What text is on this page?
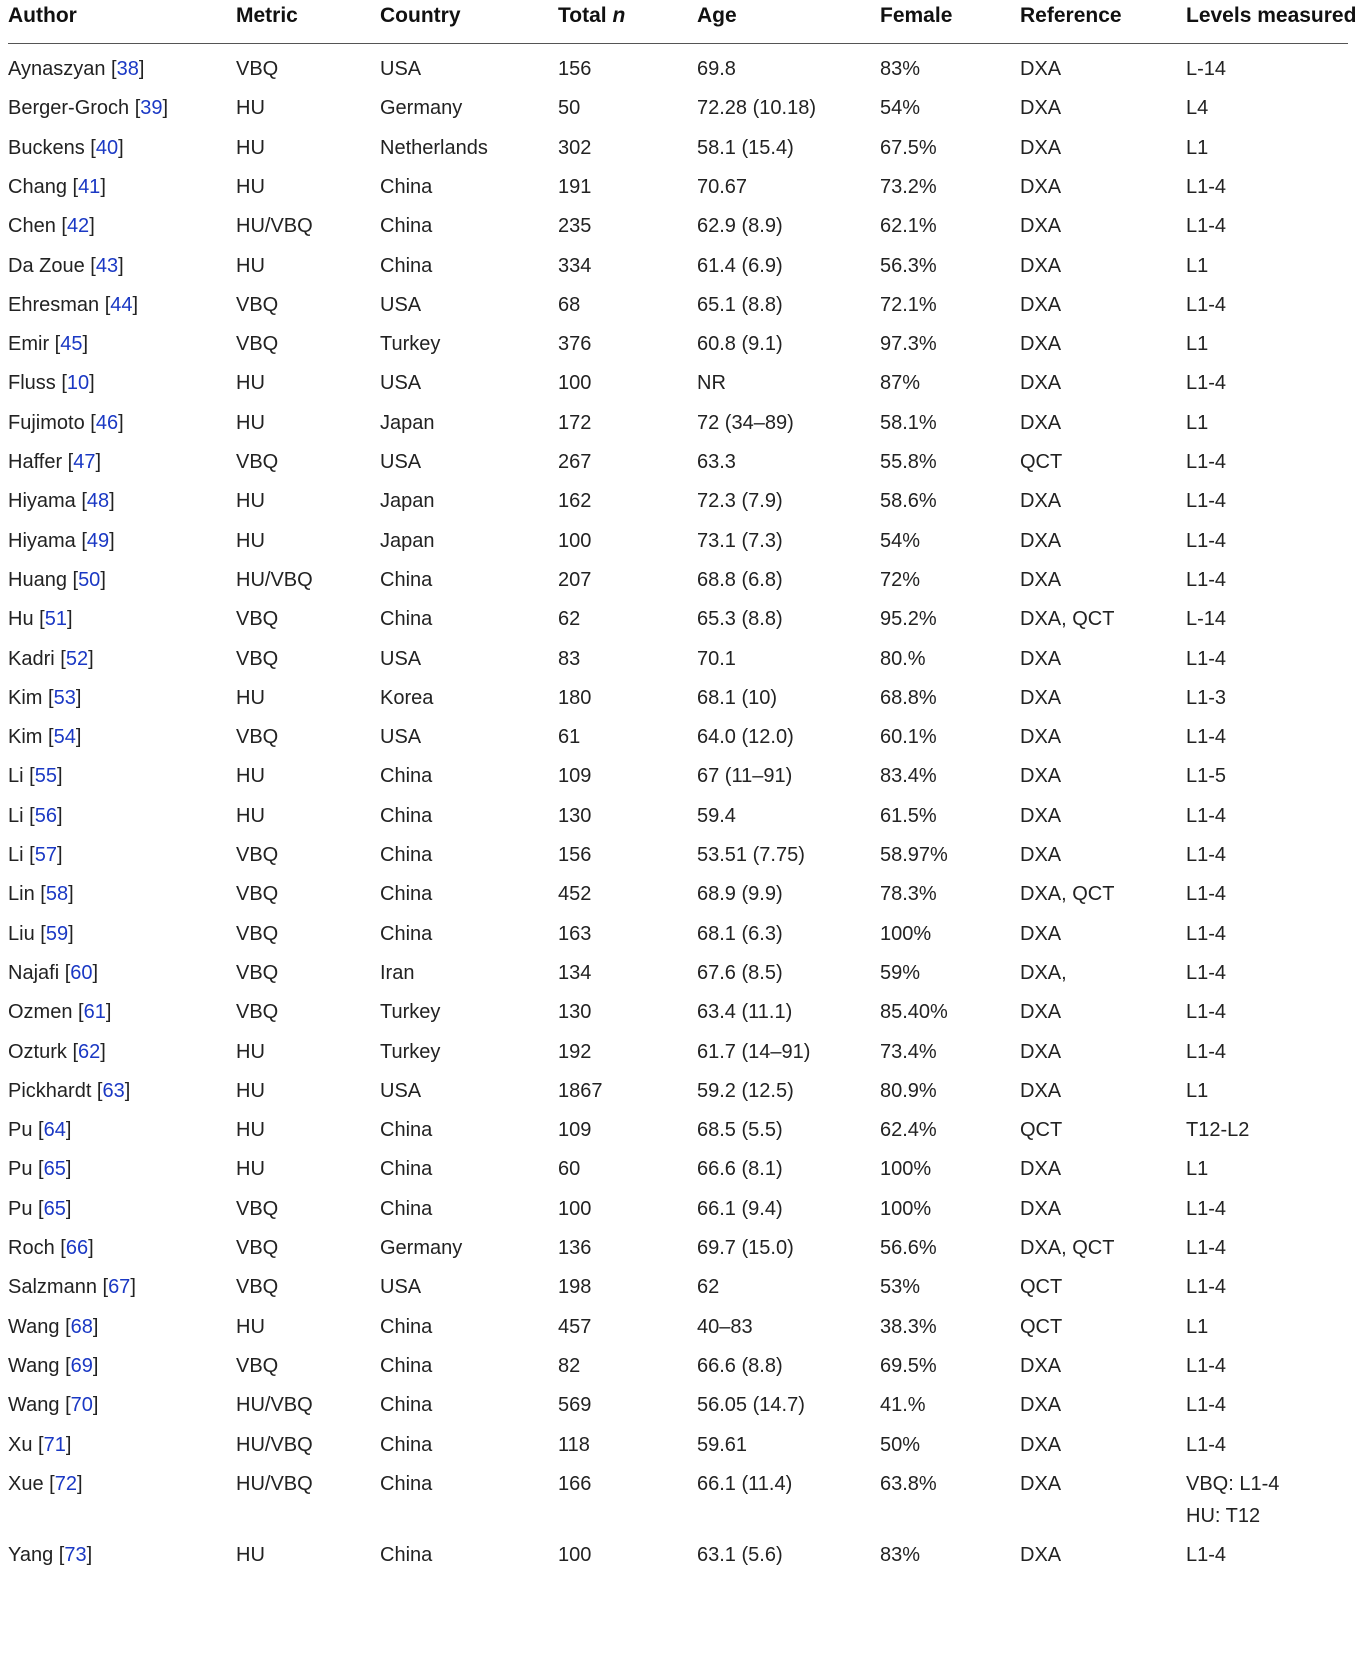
Author	Metric	Country	Total n	Age	Female	Reference	Levels measured
Aynaszyan [38]	VBQ	USA	156	69.8	83%	DXA	L-14
Berger-Groch [39]	HU	Germany	50	72.28 (10.18)	54%	DXA	L4
Buckens [40]	HU	Netherlands	302	58.1 (15.4)	67.5%	DXA	L1
Chang [41]	HU	China	191	70.67	73.2%	DXA	L1-4
Chen [42]	HU/VBQ	China	235	62.9 (8.9)	62.1%	DXA	L1-4
Da Zoue [43]	HU	China	334	61.4 (6.9)	56.3%	DXA	L1
Ehresman [44]	VBQ	USA	68	65.1 (8.8)	72.1%	DXA	L1-4
Emir [45]	VBQ	Turkey	376	60.8 (9.1)	97.3%	DXA	L1
Fluss [10]	HU	USA	100	NR	87%	DXA	L1-4
Fujimoto [46]	HU	Japan	172	72 (34–89)	58.1%	DXA	L1
Haffer [47]	VBQ	USA	267	63.3	55.8%	QCT	L1-4
Hiyama [48]	HU	Japan	162	72.3 (7.9)	58.6%	DXA	L1-4
Hiyama [49]	HU	Japan	100	73.1 (7.3)	54%	DXA	L1-4
Huang [50]	HU/VBQ	China	207	68.8 (6.8)	72%	DXA	L1-4
Hu [51]	VBQ	China	62	65.3 (8.8)	95.2%	DXA, QCT	L-14
Kadri [52]	VBQ	USA	83	70.1	80.%	DXA	L1-4
Kim [53]	HU	Korea	180	68.1 (10)	68.8%	DXA	L1-3
Kim [54]	VBQ	USA	61	64.0 (12.0)	60.1%	DXA	L1-4
Li [55]	HU	China	109	67 (11–91)	83.4%	DXA	L1-5
Li [56]	HU	China	130	59.4	61.5%	DXA	L1-4
Li [57]	VBQ	China	156	53.51 (7.75)	58.97%	DXA	L1-4
Lin [58]	VBQ	China	452	68.9 (9.9)	78.3%	DXA, QCT	L1-4
Liu [59]	VBQ	China	163	68.1 (6.3)	100%	DXA	L1-4
Najafi [60]	VBQ	Iran	134	67.6 (8.5)	59%	DXA,	L1-4
Ozmen [61]	VBQ	Turkey	130	63.4 (11.1)	85.40%	DXA	L1-4
Ozturk [62]	HU	Turkey	192	61.7 (14–91)	73.4%	DXA	L1-4
Pickhardt [63]	HU	USA	1867	59.2 (12.5)	80.9%	DXA	L1
Pu [64]	HU	China	109	68.5 (5.5)	62.4%	QCT	T12-L2
Pu [65]	HU	China	60	66.6 (8.1)	100%	DXA	L1
Pu [65]	VBQ	China	100	66.1 (9.4)	100%	DXA	L1-4
Roch [66]	VBQ	Germany	136	69.7 (15.0)	56.6%	DXA, QCT	L1-4
Salzmann [67]	VBQ	USA	198	62	53%	QCT	L1-4
Wang [68]	HU	China	457	40–83	38.3%	QCT	L1
Wang [69]	VBQ	China	82	66.6 (8.8)	69.5%	DXA	L1-4
Wang [70]	HU/VBQ	China	569	56.05 (14.7)	41.%	DXA	L1-4
Xu [71]	HU/VBQ	China	118	59.61	50%	DXA	L1-4
Xue [72]	HU/VBQ	China	166	66.1 (11.4)	63.8%	DXA	VBQ: L1-4
HU: T12
Yang [73]	HU	China	100	63.1 (5.6)	83%	DXA	L1-4
